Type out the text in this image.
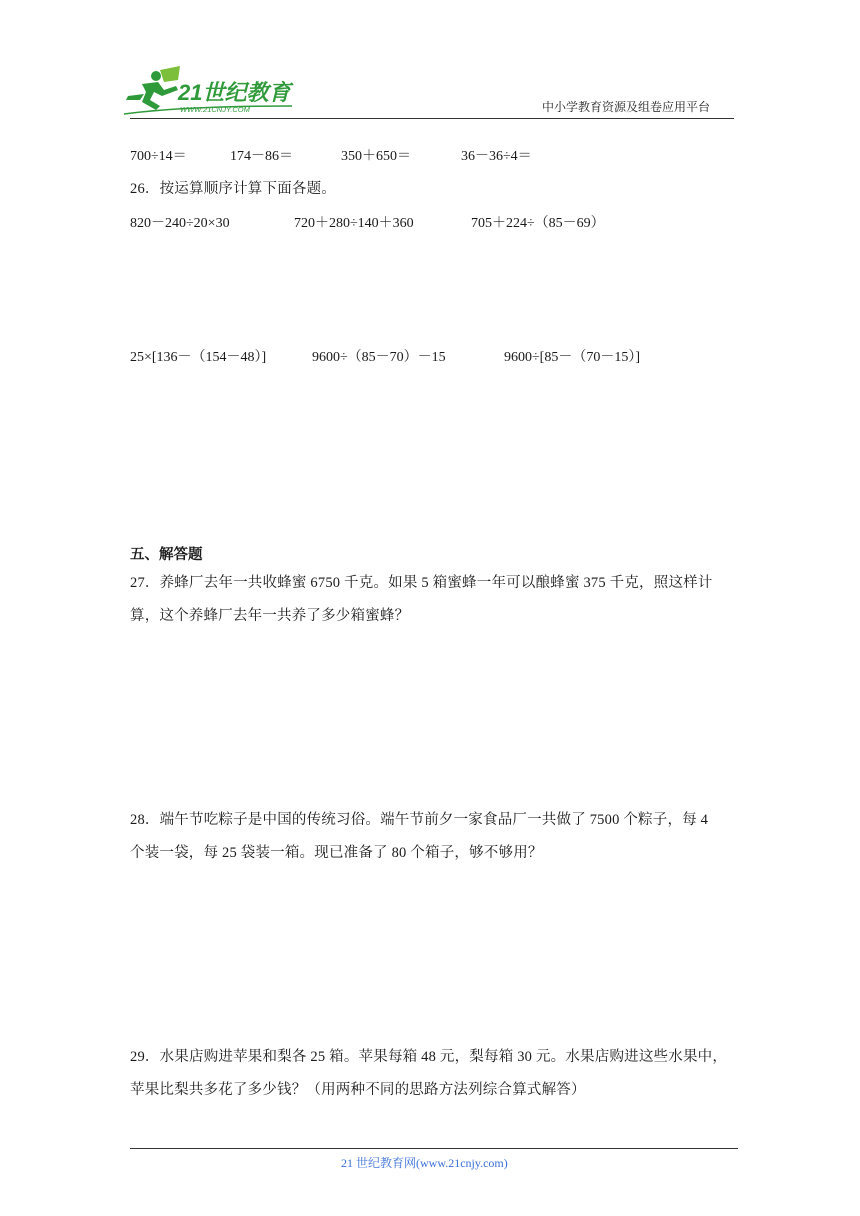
21世纪教育
WWW.21CNJY.COM	中小学教育资源及组卷应用平台
700÷14＝	174－86＝	350＋650＝	36－36÷4＝
26．按运算顺序计算下面各题。
820－240÷20×30	720＋280÷140＋360	705＋224÷（85－69）
25×[136－（154－48）]	9600÷（85－70）－15	9600÷[85－（70－15）]
五、解答题
27．养蜂厂去年一共收蜂蜜 6750 千克。如果 5 箱蜜蜂一年可以酿蜂蜜 375 千克，照这样计
算，这个养蜂厂去年一共养了多少箱蜜蜂？
28．端午节吃粽子是中国的传统习俗。端午节前夕一家食品厂一共做了 7500 个粽子，每 4
个装一袋，每 25 袋装一箱。现已准备了 80 个箱子，够不够用？
29．水果店购进苹果和梨各 25 箱。苹果每箱 48 元，梨每箱 30 元。水果店购进这些水果中，
苹果比梨共多花了多少钱？（用两种不同的思路方法列综合算式解答）
21 世纪教育网(www.21cnjy.com)
